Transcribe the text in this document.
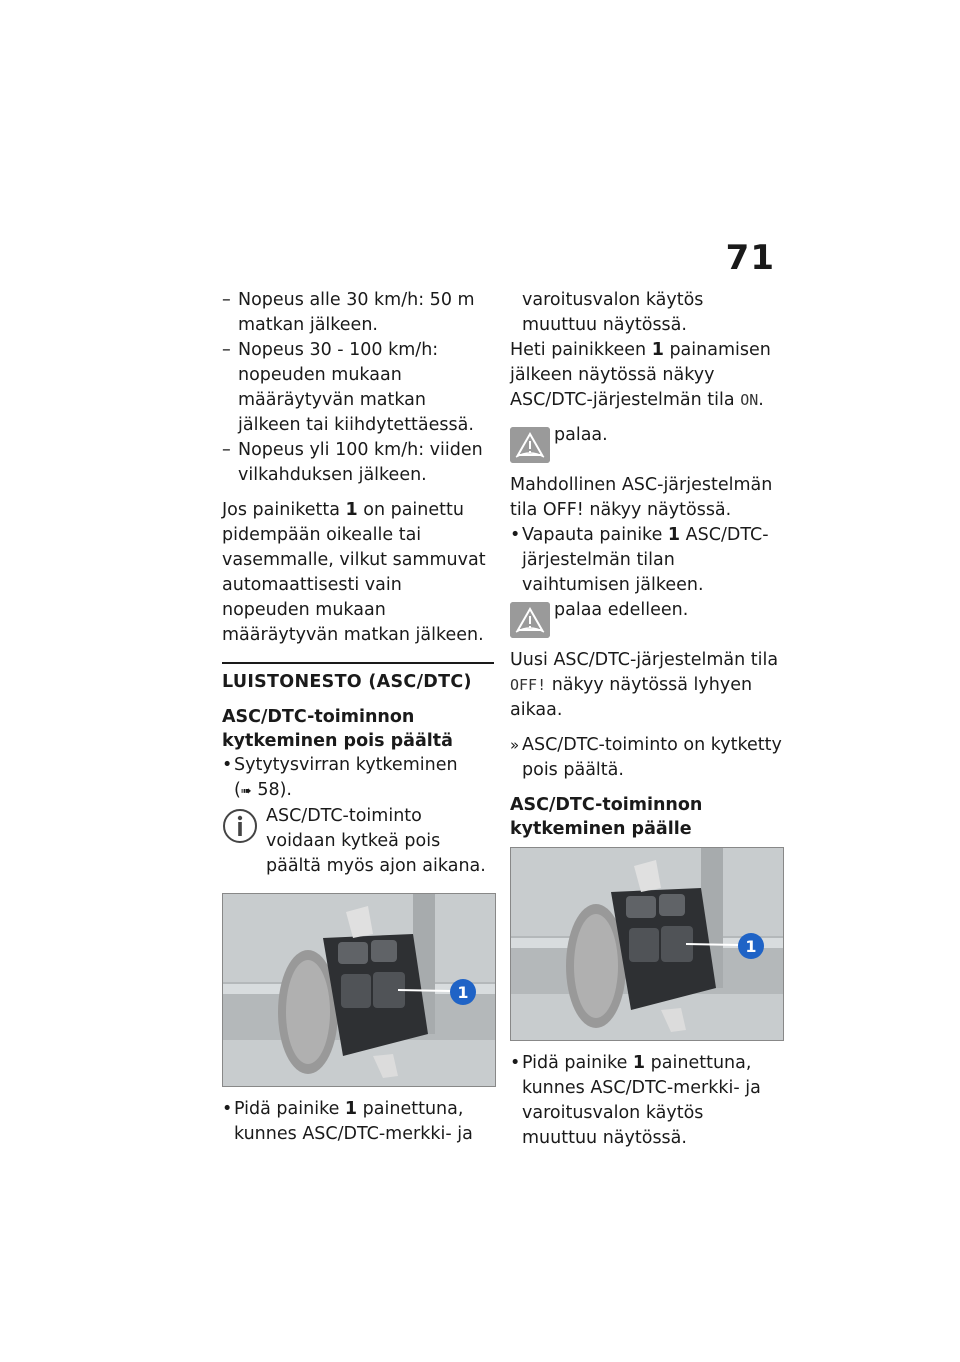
71

– Nopeus alle 30 km/h: 50 m matkan jälkeen.

– Nopeus 30 - 100 km/h: nopeuden mukaan määräytyvän matkan jälkeen tai kiihdytettäessä.

– Nopeus yli 100 km/h: viiden vilkahduksen jälkeen.

Jos painiketta 1 on painettu pidempään oikealle tai vasemmalle, vilkut sammuvat automaattisesti vain nopeuden mukaan määräytyvän matkan jälkeen.

LUISTONESTO (ASC/DTC)
ASC/DTC-toiminnon kytkeminen pois päältä

• Sytytysvirran kytkeminen
(➠ 58).

ASC/DTC-toiminto voidaan kytkeä pois päältä myös ajon aikana.

1

• Pidä painike 1 painettuna, kunnes ASC/DTC-merkki- ja

varoitusvalon käytös muuttuu näytössä.

Heti painikkeen 1 painamisen jälkeen näytössä näkyy ASC/DTC-järjestelmän tila ON.

palaa.

Mahdollinen ASC-järjestelmän tila OFF! näkyy näytössä.

• Vapauta painike 1 ASC/DTC-järjestelmän tilan vaihtumisen jälkeen.

palaa edelleen.

Uusi ASC/DTC-järjestelmän tila OFF! näkyy näytössä lyhyen aikaa.

» ASC/DTC-toiminto on kytketty pois päältä.

ASC/DTC-toiminnon kytkeminen päälle
1

• Pidä painike 1 painettuna, kunnes ASC/DTC-merkki- ja varoitusvalon käytös muuttuu näytössä.
